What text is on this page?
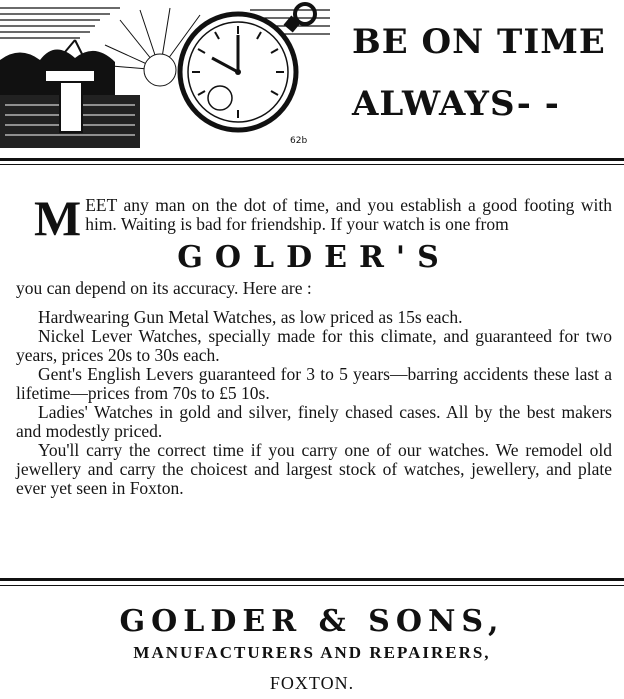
62b
BE ON TIME
ALWAYS- -

MEET any man on the dot of time, and you establish a good footing with him. Waiting is bad for friendship. If your watch is one from

GOLDER'S

you can depend on its accuracy. Here are :

Hardwearing Gun Metal Watches, as low priced as 15s each.

Nickel Lever Watches, specially made for this climate, and guaranteed for two years, prices 20s to 30s each.

Gent's English Levers guaranteed for 3 to 5 years—barring accidents these last a lifetime—prices from 70s to £5 10s.

Ladies' Watches in gold and silver, finely chased cases. All by the best makers and modestly priced.

You'll carry the correct time if you carry one of our watches. We remodel old jewellery and carry the choicest and largest stock of watches, jewellery, and plate ever yet seen in Foxton.

GOLDER & SONS,
MANUFACTURERS AND REPAIRERS,
FOXTON.
